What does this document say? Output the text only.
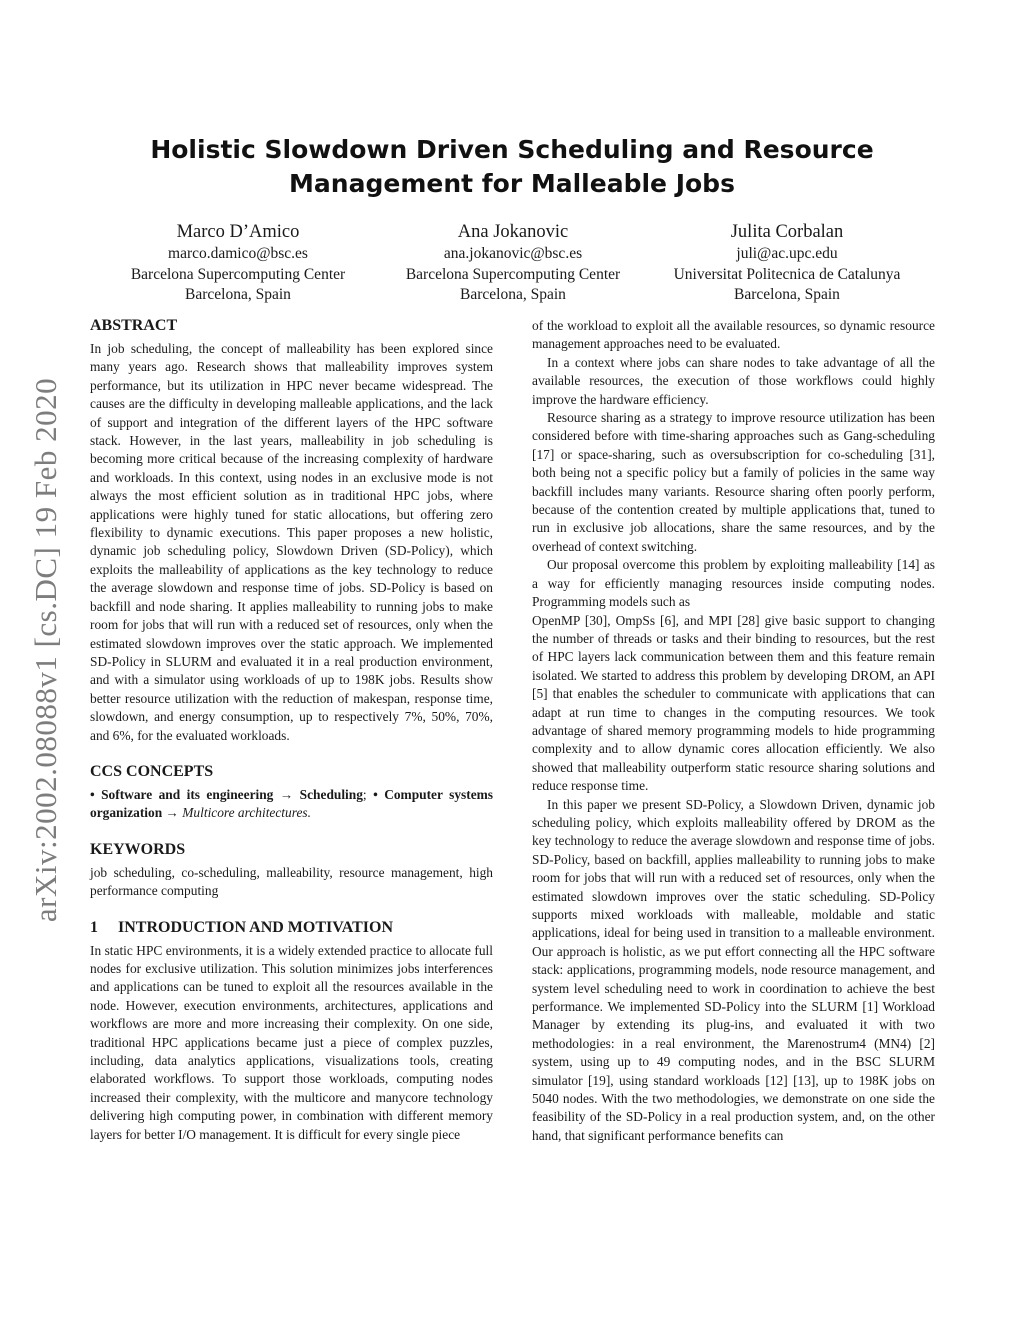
arXiv:2002.08088v1 [cs.DC] 19 Feb 2020
Holistic Slowdown Driven Scheduling and Resource
Management for Malleable Jobs
Marco D’Amico
marco.damico@bsc.es
Barcelona Supercomputing Center
Barcelona, Spain
Ana Jokanovic
ana.jokanovic@bsc.es
Barcelona Supercomputing Center
Barcelona, Spain
Julita Corbalan
juli@ac.upc.edu
Universitat Politecnica de Catalunya
Barcelona, Spain
ABSTRACT

In job scheduling, the concept of malleability has been explored since many years ago. Research shows that malleability improves system performance, but its utilization in HPC never became widespread. The causes are the difficulty in developing malleable applications, and the lack of support and integration of the different layers of the HPC software stack. However, in the last years, malleability in job scheduling is becoming more critical because of the increasing complexity of hardware and workloads. In this context, using nodes in an exclusive mode is not always the most efficient solution as in traditional HPC jobs, where applications were highly tuned for static allocations, but offering zero flexibility to dynamic executions. This paper proposes a new holistic, dynamic job scheduling policy, Slowdown Driven (SD-Policy), which exploits the malleability of applications as the key technology to reduce the average slowdown and response time of jobs. SD-Policy is based on backfill and node sharing. It applies malleability to running jobs to make room for jobs that will run with a reduced set of resources, only when the estimated slowdown improves over the static approach. We implemented SD-Policy in SLURM and evaluated it in a real production environment, and with a simulator using workloads of up to 198K jobs. Results show better resource utilization with the reduction of makespan, response time, slowdown, and energy consumption, up to respectively 7%, 50%, 70%, and 6%, for the evaluated workloads.

CCS CONCEPTS

• Software and its engineering → Scheduling; • Computer systems organization → Multicore architectures.

KEYWORDS

job scheduling, co-scheduling, malleability, resource management, high performance computing

1 INTRODUCTION AND MOTIVATION

In static HPC environments, it is a widely extended practice to allocate full nodes for exclusive utilization. This solution minimizes jobs interferences and applications can be tuned to exploit all the resources available in the node. However, execution environments, architectures, applications and workflows are more and more increasing their complexity. On one side, traditional HPC applications became just a piece of complex puzzles, including, data analytics applications, visualizations tools, creating elaborated workflows. To support those workloads, computing nodes increased their complexity, with the multicore and manycore technology delivering high computing power, in combination with different memory layers for better I/O management. It is difficult for every single piece

of the workload to exploit all the available resources, so dynamic resource management approaches need to be evaluated.

In a context where jobs can share nodes to take advantage of all the available resources, the execution of those workflows could highly improve the hardware efficiency.

Resource sharing as a strategy to improve resource utilization has been considered before with time-sharing approaches such as Gang-scheduling [17] or space-sharing, such as oversubscription for co-scheduling [31], both being not a specific policy but a family of policies in the same way backfill includes many variants. Resource sharing often poorly perform, because of the contention created by multiple applications that, tuned to run in exclusive job allocations, share the same resources, and by the overhead of context switching.

Our proposal overcome this problem by exploiting malleability [14] as a way for efficiently managing resources inside computing nodes. Programming models such as

OpenMP [30], OmpSs [6], and MPI [28] give basic support to changing the number of threads or tasks and their binding to resources, but the rest of HPC layers lack communication between them and this feature remain isolated. We started to address this problem by developing DROM, an API [5] that enables the scheduler to communicate with applications that can adapt at run time to changes in the computing resources. We took advantage of shared memory programming models to hide programming complexity and to allow dynamic cores allocation efficiently. We also showed that malleability outperform static resource sharing solutions and reduce response time.

In this paper we present SD-Policy, a Slowdown Driven, dynamic job scheduling policy, which exploits malleability offered by DROM as the key technology to reduce the average slowdown and response time of jobs. SD-Policy, based on backfill, applies malleability to running jobs to make room for jobs that will run with a reduced set of resources, only when the estimated slowdown improves over the static scheduling. SD-Policy supports mixed workloads with malleable, moldable and static applications, ideal for being used in transition to a malleable environment. Our approach is holistic, as we put effort connecting all the HPC software stack: applications, programming models, node resource management, and system level scheduling need to work in coordination to achieve the best performance. We implemented SD-Policy into the SLURM [1] Workload Manager by extending its plug-ins, and evaluated it with two methodologies: in a real environment, the Marenostrum4 (MN4) [2] system, using up to 49 computing nodes, and in the BSC SLURM simulator [19], using standard workloads [12] [13], up to 198K jobs on 5040 nodes. With the two methodologies, we demonstrate on one side the feasibility of the SD-Policy in a real production system, and, on the other hand, that significant performance benefits can
